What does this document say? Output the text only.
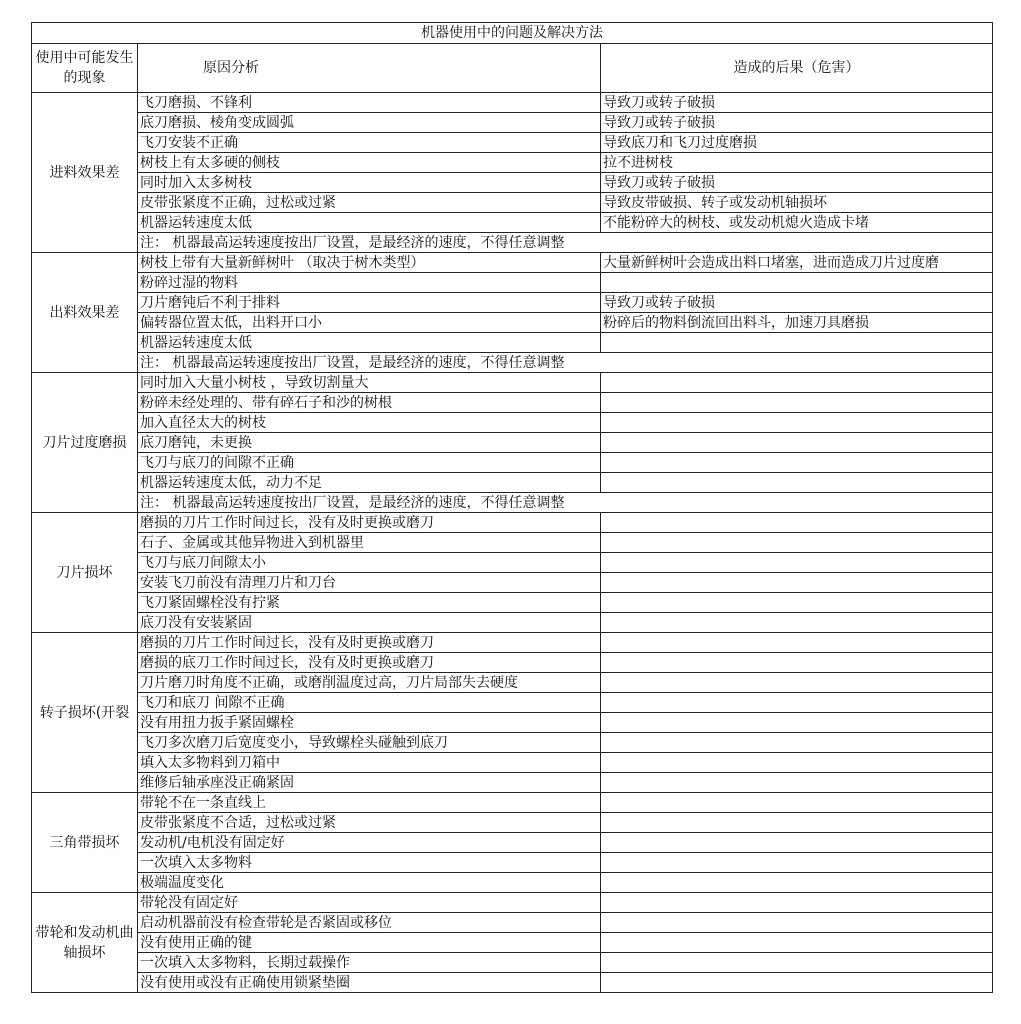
机器使用中的问题及解决方法		
使用中可能发生的现象	原因分析	造成的后果（危害）
进料效果差	飞刀磨损、不锋利	导致刀或转子破损
	底刀磨损、棱角变成圆弧	导致刀或转子破损
	飞刀安装不正确	导致底刀和飞刀过度磨损
	树枝上有太多硬的侧枝	拉不进树枝
	同时加入太多树枝	导致刀或转子破损
	皮带张紧度不正确，过松或过紧	导致皮带破损、转子或发动机轴损坏
	机器运转速度太低	不能粉碎大的树枝、或发动机熄火造成卡堵
	注： 机器最高运转速度按出厂设置，是最经济的速度，不得任意调整	
出料效果差	树枝上带有大量新鲜树叶 （取决于树木类型）	大量新鲜树叶会造成出料口堵塞，进而造成刀片过度磨
	粉碎过湿的物料	
	刀片磨钝后不利于排料	导致刀或转子破损
	偏转器位置太低，出料开口小	粉碎后的物料倒流回出料斗，加速刀具磨损
	机器运转速度太低	
	注： 机器最高运转速度按出厂设置，是最经济的速度，不得任意调整	
刀片过度磨损	同时加入大量小树枝 ，导致切割量大	
	粉碎未经处理的、带有碎石子和沙的树根	
	加入直径太大的树枝	
	底刀磨钝，未更换	
	飞刀与底刀的间隙不正确	
	机器运转速度太低，动力不足	
	注： 机器最高运转速度按出厂设置，是最经济的速度，不得任意调整	
刀片损坏	磨损的刀片工作时间过长，没有及时更换或磨刀	
	石子、金属或其他异物进入到机器里	
	飞刀与底刀间隙太小	
	安装飞刀前没有清理刀片和刀台	
	飞刀紧固螺栓没有拧紧	
	底刀没有安装紧固	
转子损坏(开裂	磨损的刀片工作时间过长，没有及时更换或磨刀	
	磨损的底刀工作时间过长，没有及时更换或磨刀	
	刀片磨刀时角度不正确，或磨削温度过高，刀片局部失去硬度	
	飞刀和底刀 间隙不正确	
	没有用扭力扳手紧固螺栓	
	飞刀多次磨刀后宽度变小，导致螺栓头碰触到底刀	
	填入太多物料到刀箱中	
	维修后轴承座没正确紧固	
三角带损坏	带轮不在一条直线上	
	皮带张紧度不合适，过松或过紧	
	发动机/电机没有固定好	
	一次填入太多物料	
	极端温度变化	
带轮和发动机曲轴损坏	带轮没有固定好	
	启动机器前没有检查带轮是否紧固或移位	
	没有使用正确的键	
	一次填入太多物料，长期过载操作	
	没有使用或没有正确使用锁紧垫圈	
